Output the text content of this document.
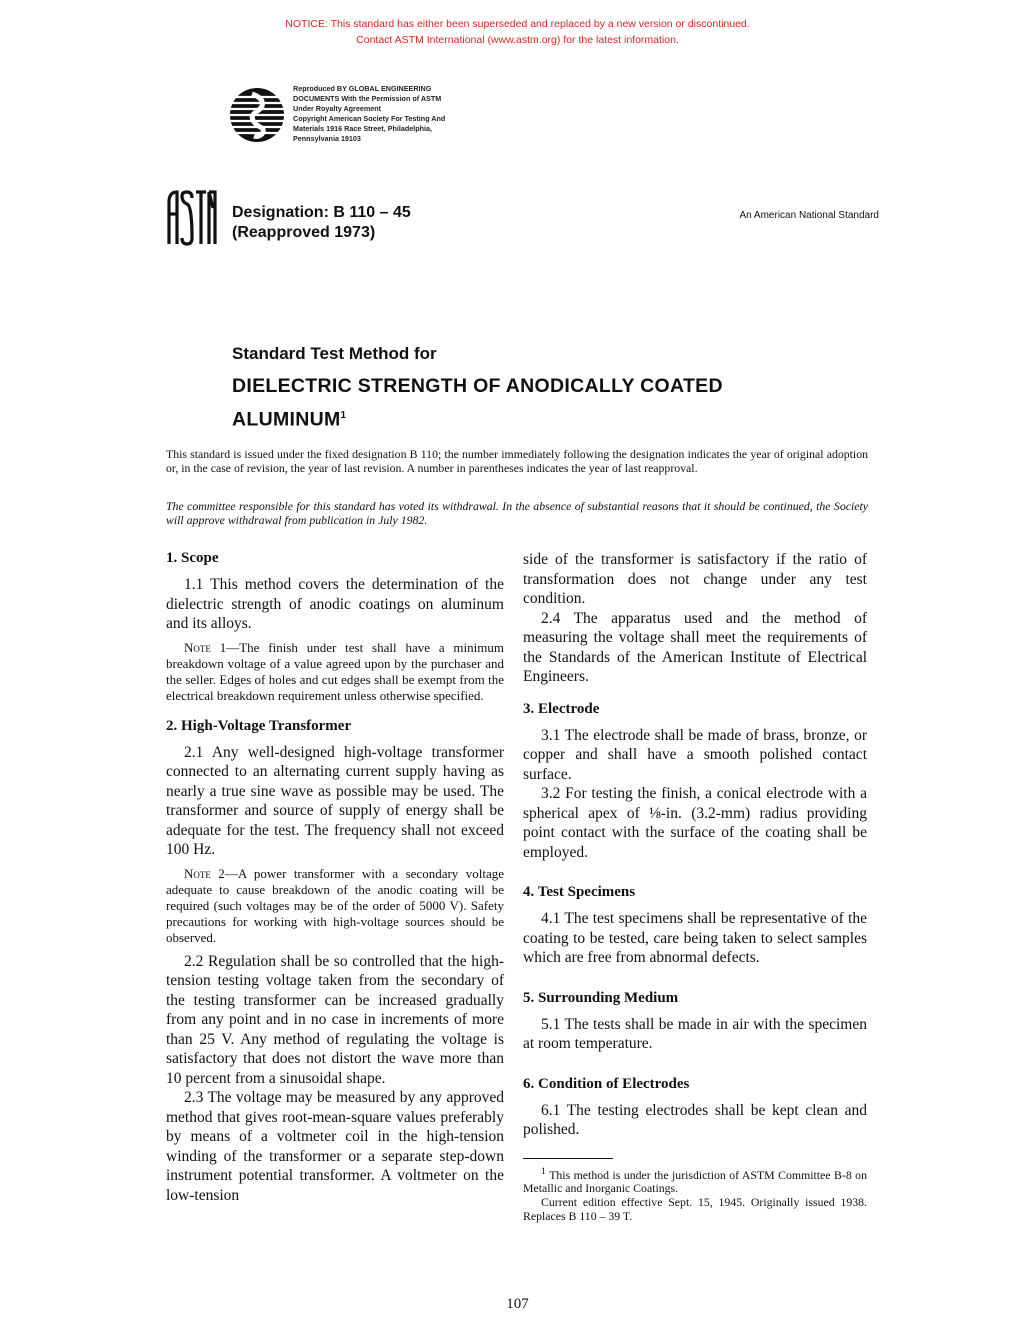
NOTICE: This standard has either been superseded and replaced by a new version or discontinued.
Contact ASTM International (www.astm.org) for the latest information.
Reproduced BY GLOBAL ENGINEERING
DOCUMENTS With the Permission of ASTM
Under Royalty Agreement
Copyright American Society For Testing And
Materials 1916 Race Street, Philadelphia,
Pennsylvania 19103
Designation: B 110 – 45
(Reapproved 1973)
An American National Standard
Standard Test Method for
DIELECTRIC STRENGTH OF ANODICALLY COATED
ALUMINUM$^1$
This standard is issued under the fixed designation B 110; the number immediately following the designation indicates the year of original adoption or, in the case of revision, the year of last revision. A number in parentheses indicates the year of last reapproval.
The committee responsible for this standard has voted its withdrawal. In the absence of substantial reasons that it should be continued, the Society will approve withdrawal from publication in July 1982.
1. Scope

1.1 This method covers the determination of the dielectric strength of anodic coatings on aluminum and its alloys.

Note 1—The finish under test shall have a minimum breakdown voltage of a value agreed upon by the purchaser and the seller. Edges of holes and cut edges shall be exempt from the electrical breakdown requirement unless otherwise specified.

2. High-Voltage Transformer

2.1 Any well-designed high-voltage transformer connected to an alternating current supply having as nearly a true sine wave as possible may be used. The transformer and source of supply of energy shall be adequate for the test. The frequency shall not exceed 100 Hz.

Note 2—A power transformer with a secondary voltage adequate to cause breakdown of the anodic coating will be required (such voltages may be of the order of 5000 V). Safety precautions for working with high-voltage sources should be observed.

2.2 Regulation shall be so controlled that the high-tension testing voltage taken from the secondary of the testing transformer can be increased gradually from any point and in no case in increments of more than 25 V. Any method of regulating the voltage is satisfactory that does not distort the wave more than 10 percent from a sinusoidal shape.

2.3 The voltage may be measured by any approved method that gives root-mean-square values preferably by means of a voltmeter coil in the high-tension winding of the transformer or a separate step-down instrument potential transformer. A voltmeter on the low-tension

side of the transformer is satisfactory if the ratio of transformation does not change under any test condition.

2.4 The apparatus used and the method of measuring the voltage shall meet the requirements of the Standards of the American Institute of Electrical Engineers.

3. Electrode

3.1 The electrode shall be made of brass, bronze, or copper and shall have a smooth polished contact surface.

3.2 For testing the finish, a conical electrode with a spherical apex of ⅛-in. (3.2-mm) radius providing point contact with the surface of the coating shall be employed.

4. Test Specimens

4.1 The test specimens shall be representative of the coating to be tested, care being taken to select samples which are free from abnormal defects.

5. Surrounding Medium

5.1 The tests shall be made in air with the specimen at room temperature.

6. Condition of Electrodes

6.1 The testing electrodes shall be kept clean and polished.

$^1$ This method is under the jurisdiction of ASTM Committee B-8 on Metallic and Inorganic Coatings.
Current edition effective Sept. 15, 1945. Originally issued 1938. Replaces B 110 – 39 T.
107
